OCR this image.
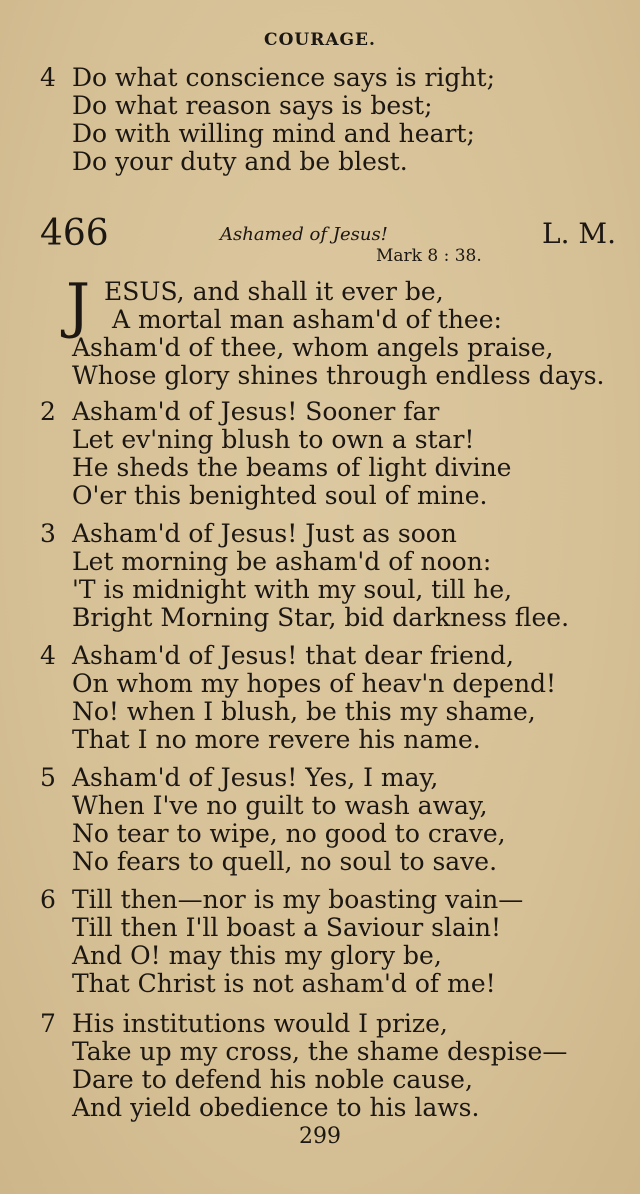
COURAGE.
4 Do what conscience says is right;
Do what reason says is best;
Do with willing mind and heart;
Do your duty and be blest.
466	Ashamed of Jesus!	L. M.
Mark 8 : 38.
J ESUS, and shall it ever be,
A mortal man asham'd of thee:
Asham'd of thee, whom angels praise,
Whose glory shines through endless days.
2 Asham'd of Jesus! Sooner far
Let ev'ning blush to own a star!
He sheds the beams of light divine
O'er this benighted soul of mine.
3 Asham'd of Jesus! Just as soon
Let morning be asham'd of noon:
'T is midnight with my soul, till he,
Bright Morning Star, bid darkness flee.
4 Asham'd of Jesus! that dear friend,
On whom my hopes of heav'n depend!
No! when I blush, be this my shame,
That I no more revere his name.
5 Asham'd of Jesus! Yes, I may,
When I've no guilt to wash away,
No tear to wipe, no good to crave,
No fears to quell, no soul to save.
6 Till then—nor is my boasting vain—
Till then I'll boast a Saviour slain!
And O! may this my glory be,
That Christ is not asham'd of me!
7 His institutions would I prize,
Take up my cross, the shame despise—
Dare to defend his noble cause,
And yield obedience to his laws.
299
